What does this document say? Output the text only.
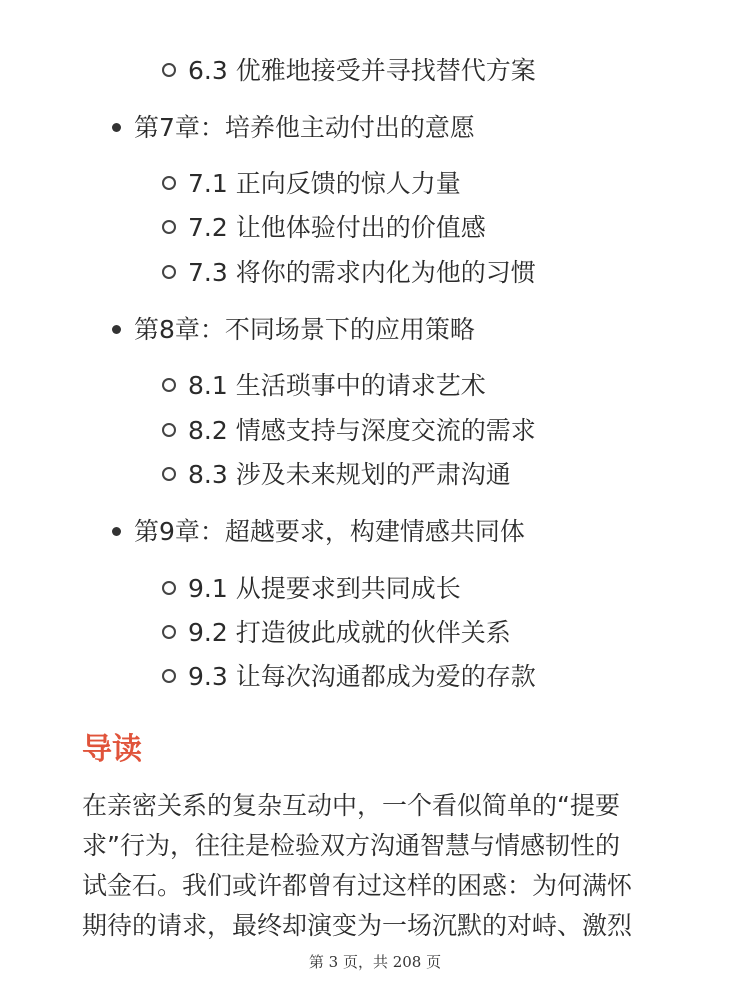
6.3 优雅地接受并寻找替代方案
第7章：培养他主动付出的意愿
7.1 正向反馈的惊人力量
7.2 让他体验付出的价值感
7.3 将你的需求内化为他的习惯
第8章：不同场景下的应用策略
8.1 生活琐事中的请求艺术
8.2 情感支持与深度交流的需求
8.3 涉及未来规划的严肃沟通
第9章：超越要求，构建情感共同体
9.1 从提要求到共同成长
9.2 打造彼此成就的伙伴关系
9.3 让每次沟通都成为爱的存款
导读
在亲密关系的复杂互动中，一个看似简单的“提要
求”行为，往往是检验双方沟通智慧与情感韧性的
试金石。我们或许都曾有过这样的困惑：为何满怀
期待的请求，最终却演变为一场沉默的对峙、激烈
第 3 页，共 208 页
